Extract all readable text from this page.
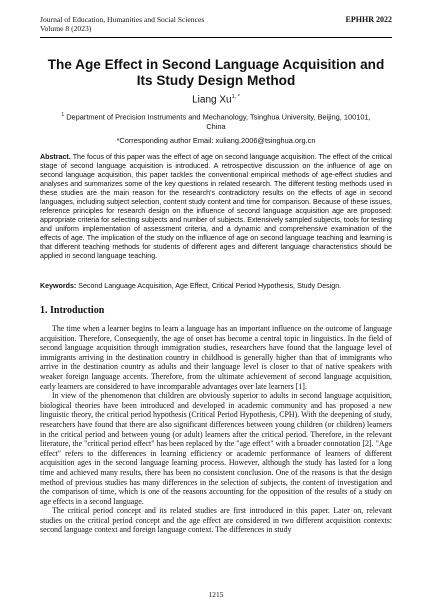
Journal of Education, Humanities and Social Sciences
Volume 8 (2023)
EPHHR 2022
The Age Effect in Second Language Acquisition and Its Study Design Method
Liang $Xu^{1, *}$
$^1$ Department of Precision Instruments and Mechanology, Tsinghua University, Beijing, 100101, China
*Corresponding author Email: xuliang.2006@tsinghua.org.cn
Abstract. The focus of this paper was the effect of age on second language acquisition. The effect of the critical stage of second language acquisition is introduced. A retrospective discussion on the influence of age on second language acquisition, this paper tackles the conventional empirical methods of age-effect studies and analyses and summarizes some of the key questions in related research. The different testing methods used in these studies are the main reason for the research's contradictory results on the effects of age in second languages, including subject selection, content study content and time for comparison. Because of these issues, reference principles for research design on the influence of second language acquisition age are proposed: appropriate criteria for selecting subjects and number of subjects. Extensively sampled subjects, tools for testing and uniform implementation of assessment criteria, and a dynamic and comprehensive examination of the effects of age. The implication of the study on the influence of age on second language teaching and learning is that different teaching methods for students of different ages and different language characteristics should be applied in second language teaching.
Keywords: Second Language Acquisition, Age Effect, Critical Period Hypothesis, Study Design.
1. Introduction

The time when a learner begins to learn a language has an important influence on the outcome of language acquisition. Therefore, Consequently, the age of onset has become a central topic in linguistics. In the field of second language acquisition through immigration studies, researchers have found that the language level of immigrants arriving in the destination country in childhood is generally higher than that of immigrants who arrive in the destination country as adults and their language level is closer to that of native speakers with weaker foreign language accents. Therefore, from the ultimate achievement of second language acquisition, early learners are considered to have incomparable advantages over late learners [1].

In view of the phenomenon that children are obviously superior to adults in second language acquisition, biological theories have been introduced and developed in academic community and has proposed a new linguistic theory, the critical period hypothesis (Critical Period Hypothesis, CPH). With the deepening of study, researchers have found that there are also significant differences between young children (or children) learners in the critical period and between young (or adult) learners after the critical period. Therefore, in the relevant literature, the "critical period effect" has been replaced by the "age effect" with a broader connotation [2]. "Age effect" refers to the differences in learning efficiency or academic performance of learners of different acquisition ages in the second language learning process. However, although the study has lasted for a long time and achieved many results, there has been no consistent conclusion. One of the reasons is that the design method of previous studies has many differences in the selection of subjects, the content of investigation and the comparison of time, which is one of the reasons accounting for the opposition of the results of a study on age effects in a second language.

The critical period concept and its related studies are first introduced in this paper. Later on, relevant studies on the critical period concept and the age effect are considered in two different acquisition contexts: second language context and foreign language context. The differences in study

1215
